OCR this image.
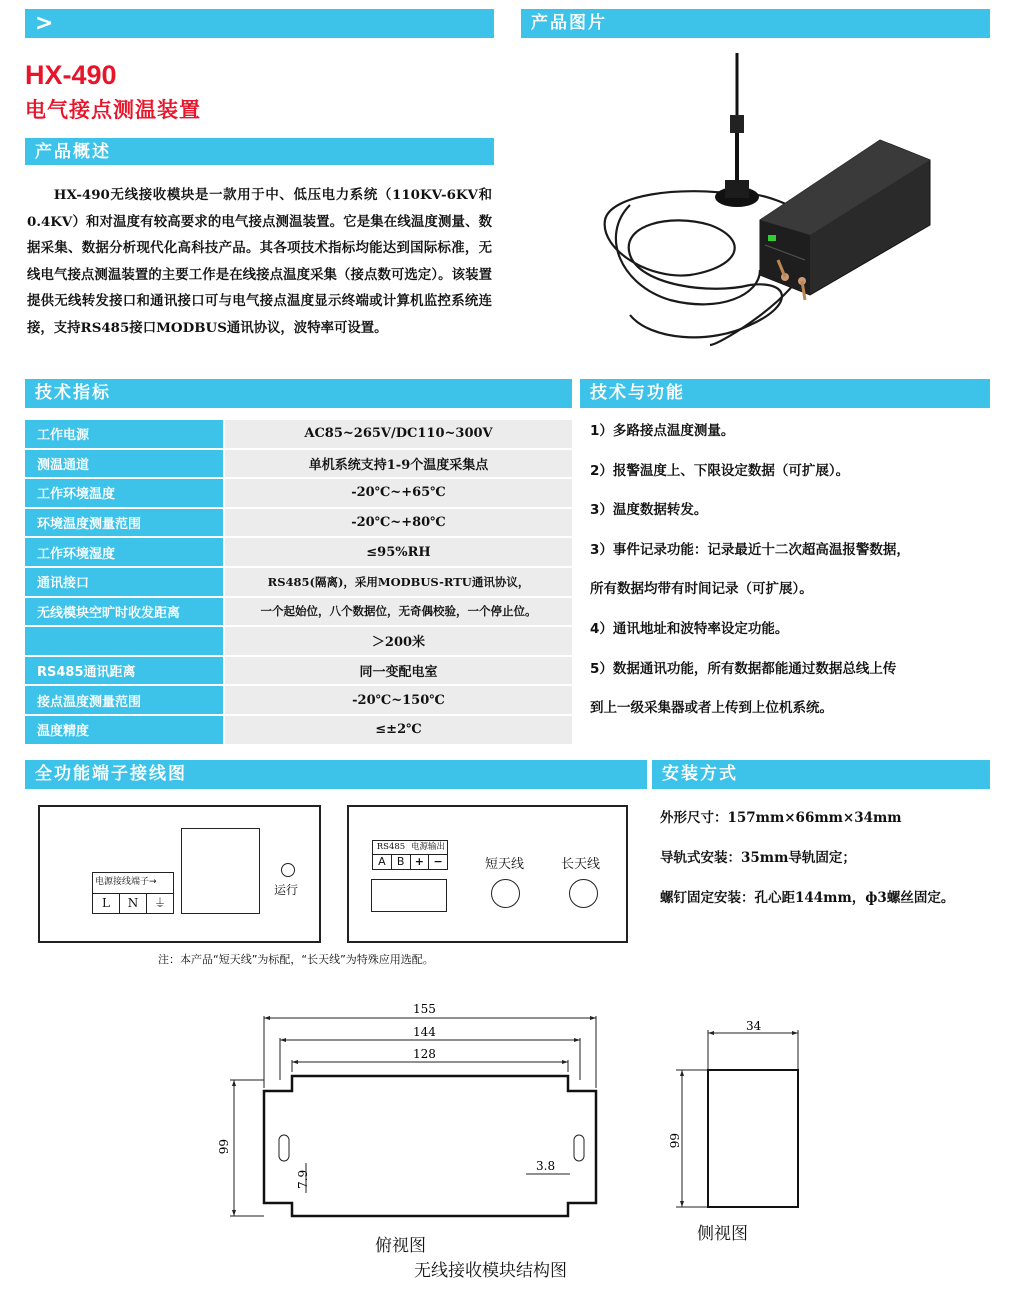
>	产品图片
HX-490
电气接点测温装置
产品概述

HX-490无线接收模块是一款用于中、低压电力系统（110KV-6KV和0.4KV）和对温度有较高要求的电气接点测温装置。它是集在线温度测量、数据采集、数据分析现代化高科技产品。其各项技术指标均能达到国际标准，无线电气接点测温装置的主要工作是在线接点温度采集（接点数可选定）。该装置提供无线转发接口和通讯接口可与电气接点温度显示终端或计算机监控系统连接，支持RS485接口MODBUS通讯协议，波特率可设置。

技术指标
工作电源	AC85~265V/DC110~300V
测温通道	单机系统支持1-9个温度采集点
工作环境温度	-20℃~+65℃
环境温度测量范围	-20℃~+80℃
工作环境湿度	≤95%RH
通讯接口	RS485(隔离)，采用MODBUS-RTU通讯协议，
无线模块空旷时收发距离	一个起始位，八个数据位，无奇偶校验，一个停止位。
	＞200米
RS485通讯距离	同一变配电室
接点温度测量范围	-20℃~150℃
温度精度	≤±2℃
技术与功能
1）多路接点温度测量。
2）报警温度上、下限设定数据（可扩展）。
3）温度数据转发。
3）事件记录功能：记录最近十二次超高温报警数据，
所有数据均带有时间记录（可扩展）。
4）通讯地址和波特率设定功能。
5）数据通讯功能，所有数据都能通过数据总线上传
到上一级采集器或者上传到上位机系统。
全功能端子接线图	安装方式
电源接线端子→
L	N	⏚
运行
RS485 电源输出
A	B + −	短天线	长天线
注：本产品“短天线”为标配，“长天线”为特殊应用选配。
外形尺寸：157mm×66mm×34mm
导轨式安装：35mm导轨固定；
螺钉固定安装：孔心距144mm，ф3螺丝固定。
155
144
128
66
7.9
3.8
34
66
俯视图
侧视图
无线接收模块结构图
